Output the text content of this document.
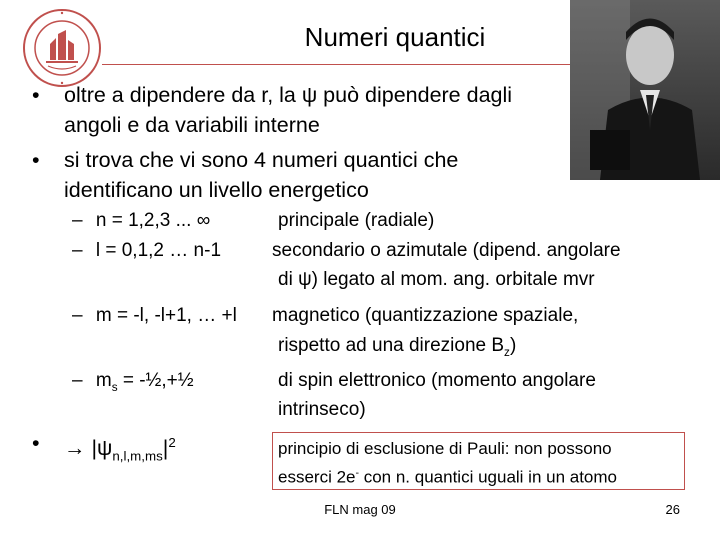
Numeri quantici
• oltre a dipendere da r, la ψ può dipendere dagli angoli e da variabili interne
• si trova che vi sono 4 numeri quantici che identificano un livello energetico
– n = 1,2,3 ... ∞	principale (radiale)
– l = 0,1,2 … n-1	secondario o azimutale (dipend. angolare
di ψ) legato al mom. ang. orbitale mvr
– m = -l, -l+1, … +l magnetico (quantizzazione spaziale,
rispetto ad una direzione $B_z$)
– $m_s$ = -½,+½	di spin elettronico (momento angolare
intrinseco)
• → $|\psi_{n,l,m,ms}|^2$	principio di esclusione di Pauli: non possono
esserci 2e- con n. quantici uguali in un atomo
FLN mag 09	26
